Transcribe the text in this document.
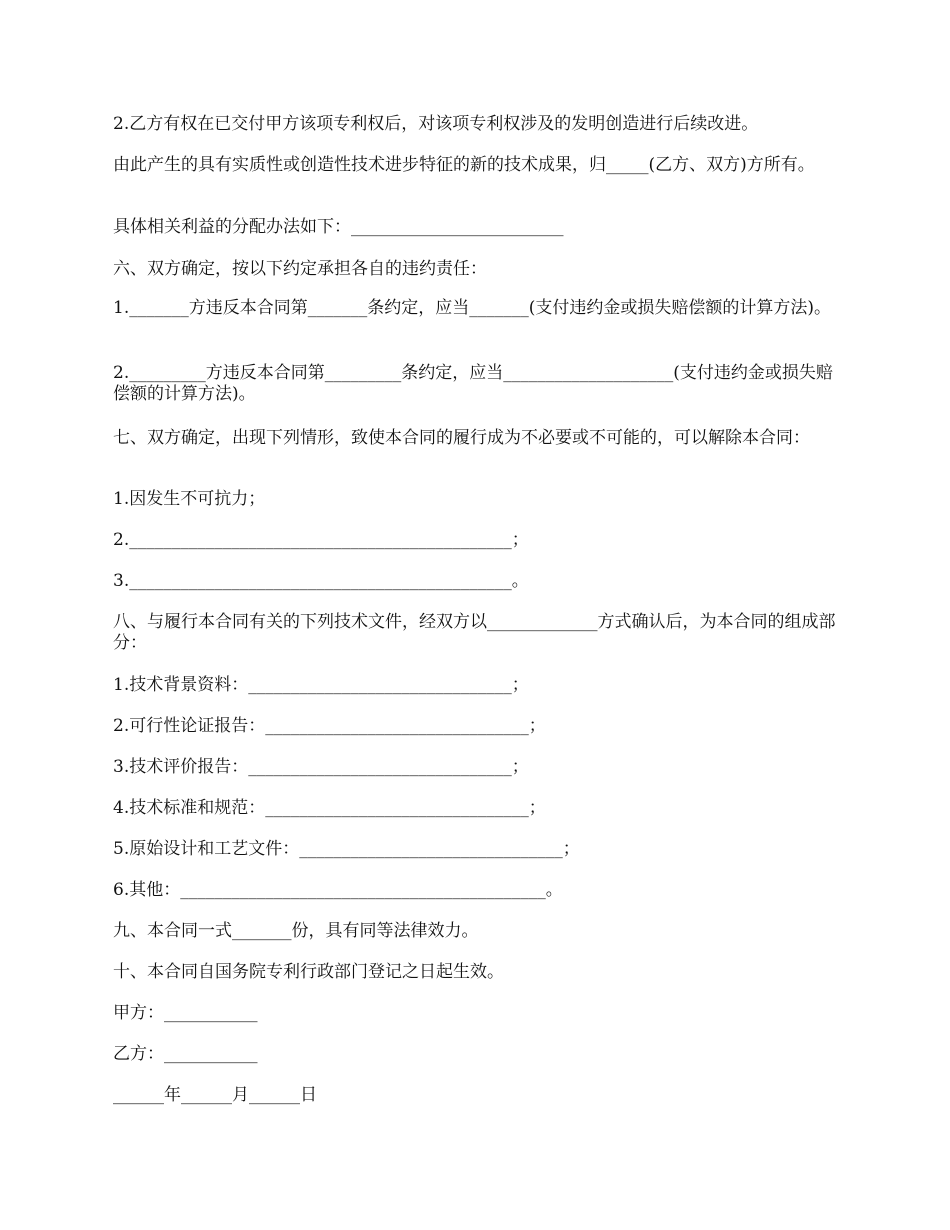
2.乙方有权在已交付甲方该项专利权后，对该项专利权涉及的发明创造进行后续改进。

由此产生的具有实质性或创造性技术进步特征的新的技术成果，归_____(乙方、双方)方所有。

具体相关利益的分配办法如下：_________________________

六、双方确定，按以下约定承担各自的违约责任：

1._______方违反本合同第_______条约定，应当_______(支付违约金或损失赔偿额的计算方法)。

2._________方违反本合同第_________条约定，应当____________________(支付违约金或损失赔偿额的计算方法)。

七、双方确定，出现下列情形，致使本合同的履行成为不必要或不可能的，可以解除本合同：

1.因发生不可抗力；

2._____________________________________________；

3._____________________________________________。

八、与履行本合同有关的下列技术文件，经双方以_____________方式确认后，为本合同的组成部分：

1.技术背景资料：_______________________________；

2.可行性论证报告：_______________________________；

3.技术评价报告：_______________________________；

4.技术标准和规范：_______________________________；

5.原始设计和工艺文件：_______________________________；

6.其他：___________________________________________。

九、本合同一式_______份，具有同等法律效力。

十、本合同自国务院专利行政部门登记之日起生效。

甲方：___________

乙方：___________

______年______月______日
